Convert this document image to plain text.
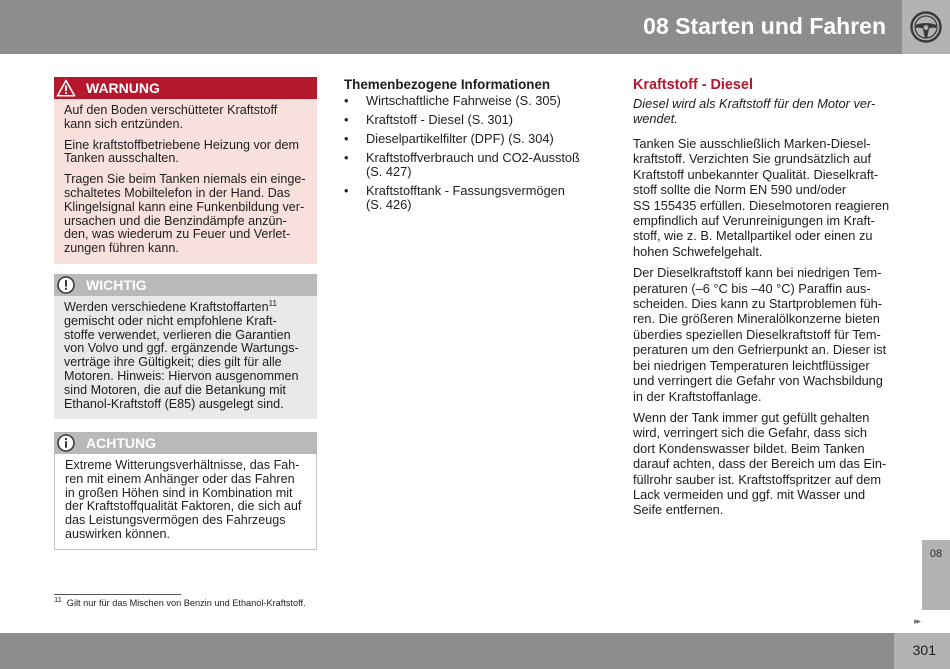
08 Starten und Fahren
WARNUNG

Auf den Boden verschütteter Kraftstoff
kann sich entzünden.

Eine kraftstoffbetriebene Heizung vor dem
Tanken ausschalten.

Tragen Sie beim Tanken niemals ein einge-
schaltetes Mobiltelefon in der Hand. Das
Klingelsignal kann eine Funkenbildung ver-
ursachen und die Benzindämpfe anzün-
den, was wiederum zu Feuer und Verlet-
zungen führen kann.

WICHTIG

Werden verschiedene Kraftstoffarten$^{11}$
gemischt oder nicht empfohlene Kraft-
stoffe verwendet, verlieren die Garantien
von Volvo und ggf. ergänzende Wartungs-
verträge ihre Gültigkeit; dies gilt für alle
Motoren. Hinweis: Hiervon ausgenommen
sind Motoren, die auf die Betankung mit
Ethanol-Kraftstoff (E85) ausgelegt sind.

ACHTUNG

Extreme Witterungsverhältnisse, das Fah-
ren mit einem Anhänger oder das Fahren
in großen Höhen sind in Kombination mit
der Kraftstoffqualität Faktoren, die sich auf
das Leistungsvermögen des Fahrzeugs
auswirken können.

Themenbezogene Informationen
• Wirtschaftliche Fahrweise (S. 305)
• Kraftstoff - Diesel (S. 301)
• Dieselpartikelfilter (DPF) (S. 304)
• Kraftstoffverbrauch und CO2-Ausstoß
(S. 427)
• Kraftstofftank - Fassungsvermögen
(S. 426)
Kraftstoff - Diesel

Diesel wird als Kraftstoff für den Motor ver-
wendet.

Tanken Sie ausschließlich Marken-Diesel-
kraftstoff. Verzichten Sie grundsätzlich auf
Kraftstoff unbekannter Qualität. Dieselkraft-
stoff sollte die Norm EN 590 und/oder
SS 155435 erfüllen. Dieselmotoren reagieren
empfindlich auf Verunreinigungen im Kraft-
stoff, wie z. B. Metallpartikel oder einen zu
hohen Schwefelgehalt.

Der Dieselkraftstoff kann bei niedrigen Tem-
peraturen (–6 °C bis –40 °C) Paraffin aus-
scheiden. Dies kann zu Startproblemen füh-
ren. Die größeren Mineralölkonzerne bieten
überdies speziellen Dieselkraftstoff für Tem-
peraturen um den Gefrierpunkt an. Dieser ist
bei niedrigen Temperaturen leichtflüssiger
und verringert die Gefahr von Wachsbildung
in der Kraftstoffanlage.

Wenn der Tank immer gut gefüllt gehalten
wird, verringert sich die Gefahr, dass sich
dort Kondenswasser bildet. Beim Tanken
darauf achten, dass der Bereich um das Ein-
füllrohr sauber ist. Kraftstoffspritzer auf dem
Lack vermeiden und ggf. mit Wasser und
Seife entfernen.

$^{11}$ Gilt nur für das Mischen von Benzin und Ethanol-Kraftstoff.
08
▸▸
301
